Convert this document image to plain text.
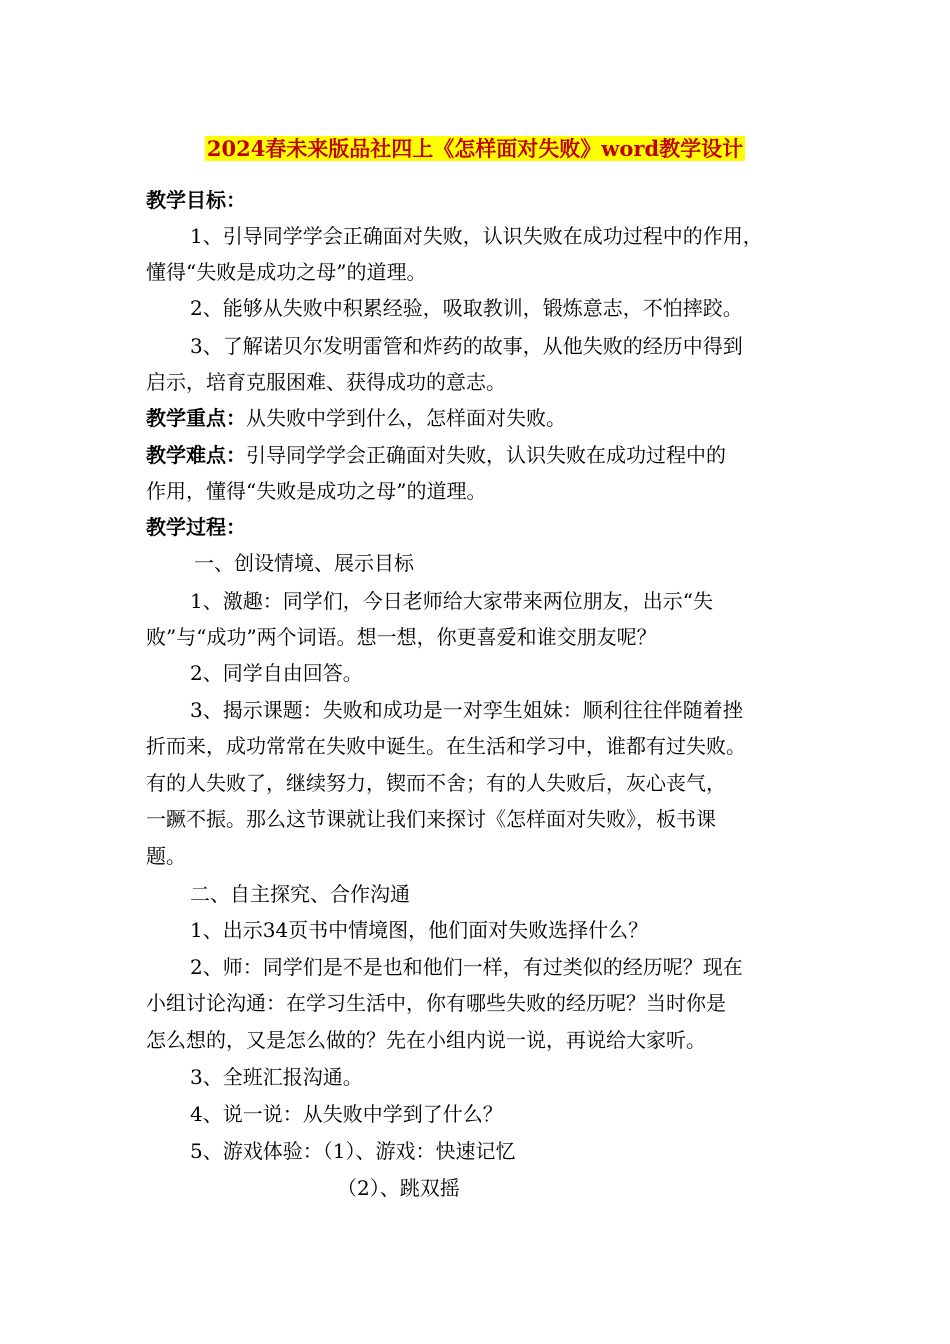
2024春未来版品社四上《怎样面对失败》word教学设计
教学目标：
1、引导同学学会正确面对失败，认识失败在成功过程中的作用，
懂得“失败是成功之母”的道理。
2、能够从失败中积累经验，吸取教训，锻炼意志，不怕摔跤。
3、了解诺贝尔发明雷管和炸药的故事，从他失败的经历中得到
启示，培育克服困难、获得成功的意志。
教学重点：从失败中学到什么，怎样面对失败。
教学难点：引导同学学会正确面对失败，认识失败在成功过程中的
作用，懂得“失败是成功之母”的道理。
教学过程：
一、创设情境、展示目标
1、激趣：同学们，今日老师给大家带来两位朋友，出示“失
败”与“成功”两个词语。想一想，你更喜爱和谁交朋友呢？
2、同学自由回答。
3、揭示课题：失败和成功是一对孪生姐妹：顺利往往伴随着挫
折而来，成功常常在失败中诞生。在生活和学习中，谁都有过失败。
有的人失败了，继续努力，锲而不舍；有的人失败后，灰心丧气，
一蹶不振。那么这节课就让我们来探讨《怎样面对失败》，板书课
题。
二、自主探究、合作沟通
1、出示34页书中情境图，他们面对失败选择什么？
2、师：同学们是不是也和他们一样，有过类似的经历呢？现在
小组讨论沟通：在学习生活中，你有哪些失败的经历呢？当时你是
怎么想的，又是怎么做的？先在小组内说一说，再说给大家听。
3、全班汇报沟通。
4、说一说：从失败中学到了什么？
5、游戏体验：（1）、游戏：快速记忆
（2）、跳双摇
